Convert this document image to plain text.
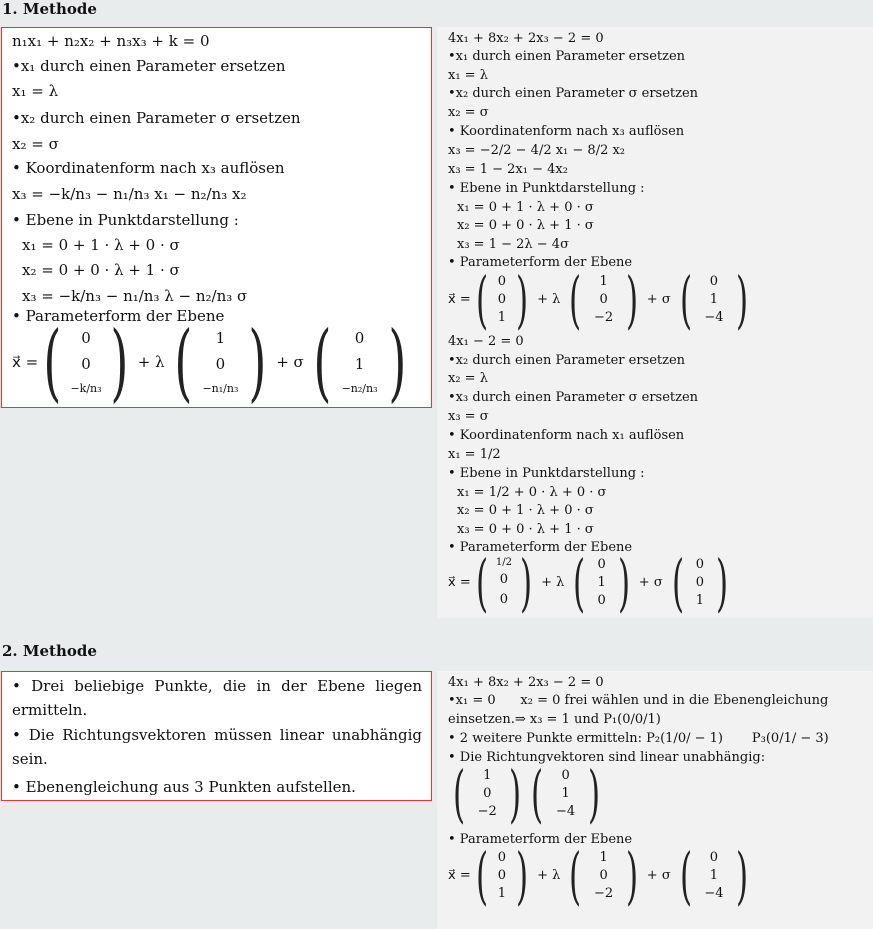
1. Methode
n₁x₁ + n₂x₂ + n₃x₃ + k = 0
•x₁ durch einen Parameter ersetzen
x₁ = λ
•x₂ durch einen Parameter σ ersetzen
x₂ = σ
• Koordinatenform nach x₃ auflösen
x₃ = −k/n₃ − n₁/n₃ x₁ − n₂/n₃ x₂
• Ebene in Punktdarstellung :
x₁ = 0 + 1 · λ + 0 · σ
x₂ = 0 + 0 · λ + 1 · σ
x₃ = −k/n₃ − n₁/n₃ λ − n₂/n₃ σ
• Parameterform der Ebene
x⃗ = ( 0
0
−k/n₃ ) + λ ( 1
0
−n₁/n₃ ) + σ ( 0
1
−n₂/n₃ )
4x₁ + 8x₂ + 2x₃ − 2 = 0
•x₁ durch einen Parameter ersetzen
x₁ = λ
•x₂ durch einen Parameter σ ersetzen
x₂ = σ
• Koordinatenform nach x₃ auflösen
x₃ = −2/2 − 4/2 x₁ − 8/2 x₂
x₃ = 1 − 2x₁ − 4x₂
• Ebene in Punktdarstellung :
x₁ = 0 + 1 · λ + 0 · σ
x₂ = 0 + 0 · λ + 1 · σ
x₃ = 1 − 2λ − 4σ
• Parameterform der Ebene
x⃗ = ( 0
0
1 ) + λ ( 1
0
−2 ) + σ ( 0
1
−4 )
4x₁ − 2 = 0
•x₂ durch einen Parameter ersetzen
x₂ = λ
•x₃ durch einen Parameter σ ersetzen
x₃ = σ
• Koordinatenform nach x₁ auflösen
x₁ = 1/2
• Ebene in Punktdarstellung :
x₁ = 1/2 + 0 · λ + 0 · σ
x₂ = 0 + 1 · λ + 0 · σ
x₃ = 0 + 0 · λ + 1 · σ
• Parameterform der Ebene
x⃗ = ( 1/2
0
0 ) + λ ( 0
1
0 ) + σ ( 0
0
1 )
2. Methode
• Drei beliebige Punkte, die in der Ebene liegen ermitteln.
• Die Richtungsvektoren müssen linear unabhängig sein.
• Ebenengleichung aus 3 Punkten aufstellen.
4x₁ + 8x₂ + 2x₃ − 2 = 0
•x₁ = 0      x₂ = 0 frei wählen und in die Ebenengleichung
einsetzen.⇒ x₃ = 1 und P₁(0/0/1)
• 2 weitere Punkte ermitteln: P₂(1/0/ − 1)       P₃(0/1/ − 3)
• Die Richtungvektoren sind linear unabhängig:
( 1
0
−2 ) ( 0
1
−4 )
• Parameterform der Ebene
x⃗ = ( 0
0
1 ) + λ ( 1
0
−2 ) + σ ( 0
1
−4 )
